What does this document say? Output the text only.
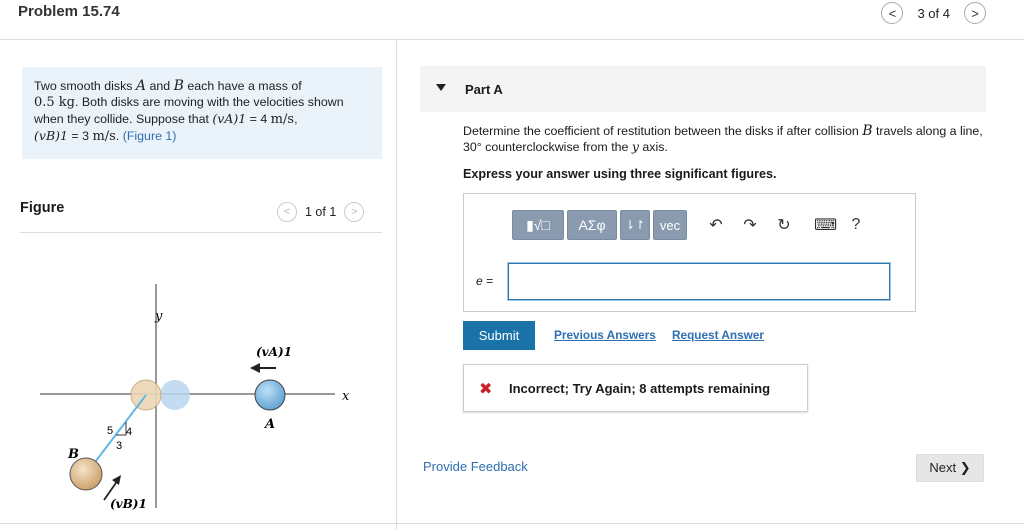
Problem 15.74	<	3 of 4	>
Two smooth disks A and B each have a mass of
0.5 kg. Both disks are moving with the velocities shown when they collide. Suppose that (vA)1 = 4 m/s,
(vB)1 = 3 m/s. (Figure 1)
Figure	<	1 of 1	>
y
x
B
A
(vA)1
(vB)1
5 4
3
Part A
Determine the coefficient of restitution between the disks if after collision B travels along a line, 30° counterclockwise from the y axis.
Express your answer using three significant figures.
▮√□	ΑΣφ	⇂↾	vec	↶ ↷ ↻ ⌨ ?
e =
Submit	Previous Answers Request Answer
✖ Incorrect; Try Again; 8 attempts remaining
Provide Feedback	Next ❯
